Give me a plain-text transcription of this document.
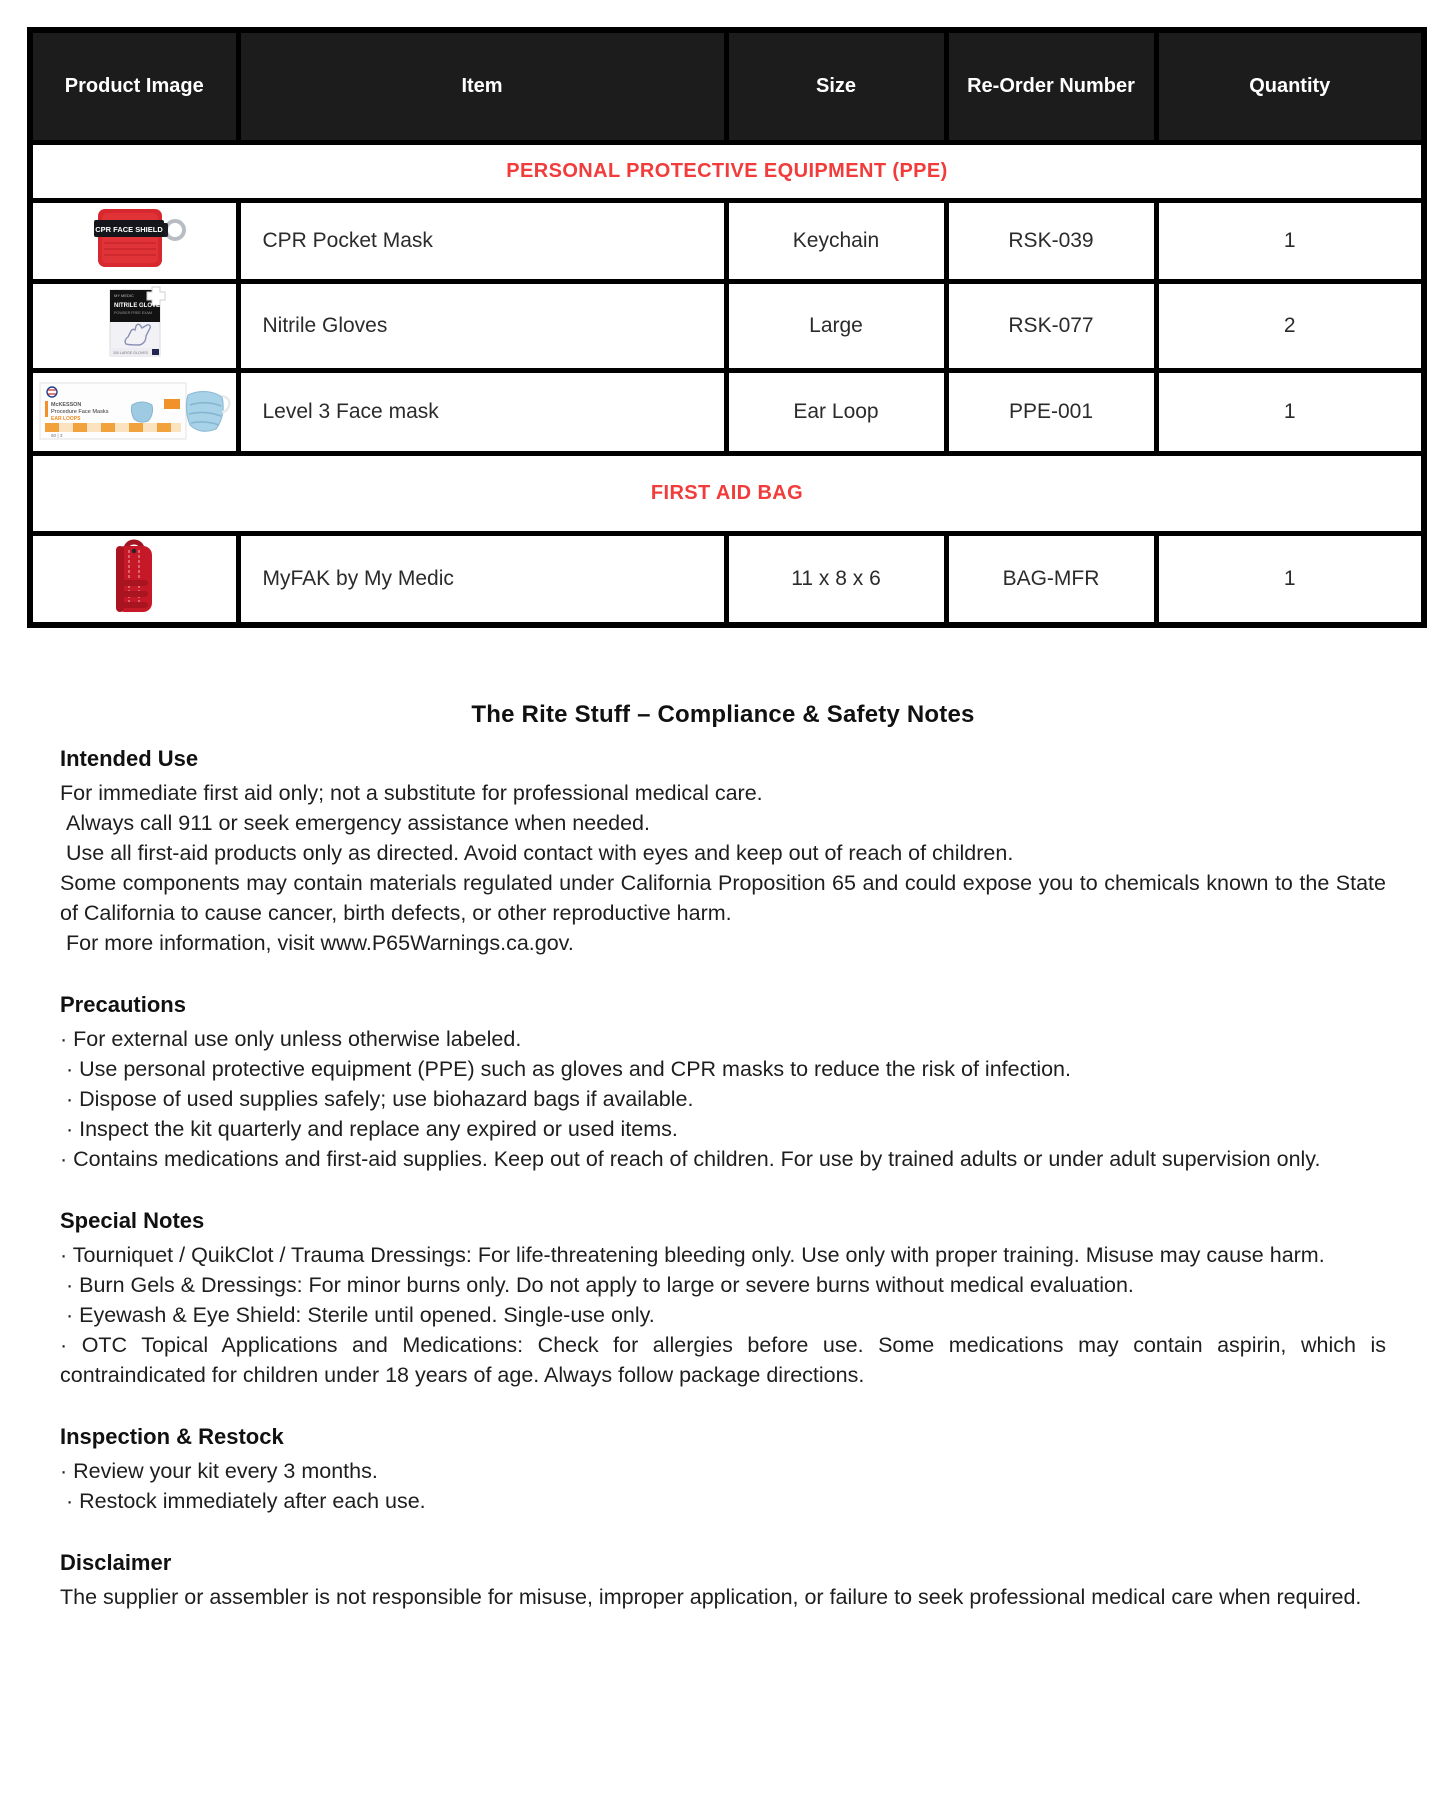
Product Image	Item	Size	Re-Order Number	Quantity
PERSONAL PROTECTIVE EQUIPMENT (PPE)				

CPR FACE SHIELD	CPR Pocket Mask	Keychain	RSK-039	1

MY MEDIC
NITRILE GLOVES
POWDER FREE EXAM
100 LARGE GLOVES	Nitrile Gloves	Large	RSK-077	2

McKESSON
Procedure Face Masks
EAR LOOPS
50 | 3	Level 3 Face mask	Ear Loop	PPE-001	1
FIRST AID BAG				
	MyFAK by My Medic	11 x 8 x 6	BAG-MFR	1
The Rite Stuff – Compliance & Safety Notes
Intended Use

For immediate first aid only; not a substitute for professional medical care.

Always call 911 or seek emergency assistance when needed.

Use all first-aid products only as directed. Avoid contact with eyes and keep out of reach of children.

Some components may contain materials regulated under California Proposition 65 and could expose you to chemicals known to the State of California to cause cancer, birth defects, or other reproductive harm.

For more information, visit www.P65Warnings.ca.gov.

Precautions

· For external use only unless otherwise labeled.

· Use personal protective equipment (PPE) such as gloves and CPR masks to reduce the risk of infection.

· Dispose of used supplies safely; use biohazard bags if available.

· Inspect the kit quarterly and replace any expired or used items.

· Contains medications and first-aid supplies. Keep out of reach of children. For use by trained adults or under adult supervision only.

Special Notes

· Tourniquet / QuikClot / Trauma Dressings: For life-threatening bleeding only. Use only with proper training. Misuse may cause harm.

· Burn Gels & Dressings: For minor burns only. Do not apply to large or severe burns without medical evaluation.

· Eyewash & Eye Shield: Sterile until opened. Single-use only.

· OTC Topical Applications and Medications: Check for allergies before use. Some medications may contain aspirin, which is contraindicated for children under 18 years of age. Always follow package directions.

Inspection & Restock

· Review your kit every 3 months.

· Restock immediately after each use.

Disclaimer

The supplier or assembler is not responsible for misuse, improper application, or failure to seek professional medical care when required.
